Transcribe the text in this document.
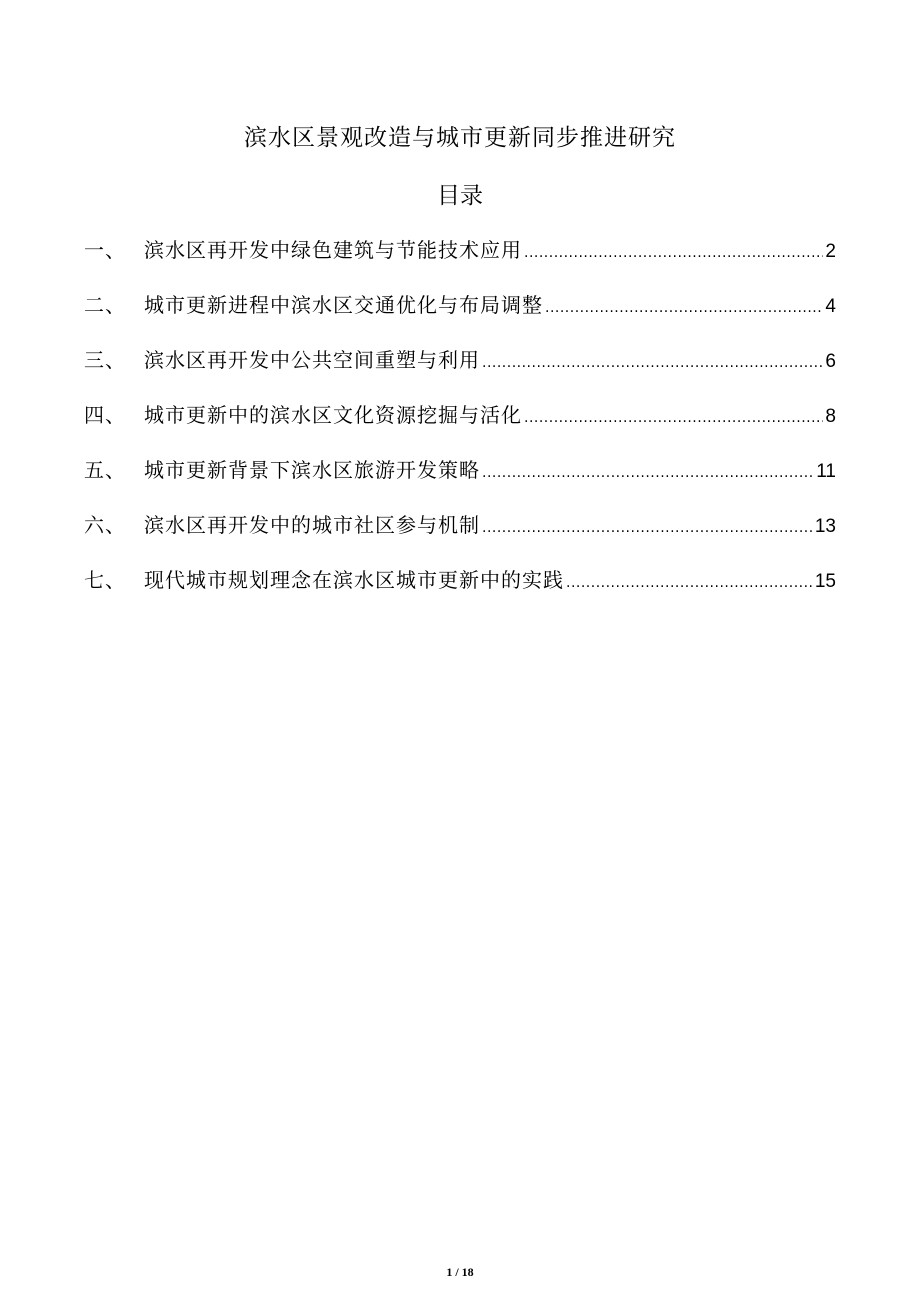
滨水区景观改造与城市更新同步推进研究
目录
一、 滨水区再开发中绿色建筑与节能技术应用 .....	2
二、 城市更新进程中滨水区交通优化与布局调整 .....	4
三、 滨水区再开发中公共空间重塑与利用 .....	6
四、 城市更新中的滨水区文化资源挖掘与活化 .....	8
五、 城市更新背景下滨水区旅游开发策略 .....	11
六、 滨水区再开发中的城市社区参与机制 .....	13
七、 现代城市规划理念在滨水区城市更新中的实践 .....	15
1 / 18
